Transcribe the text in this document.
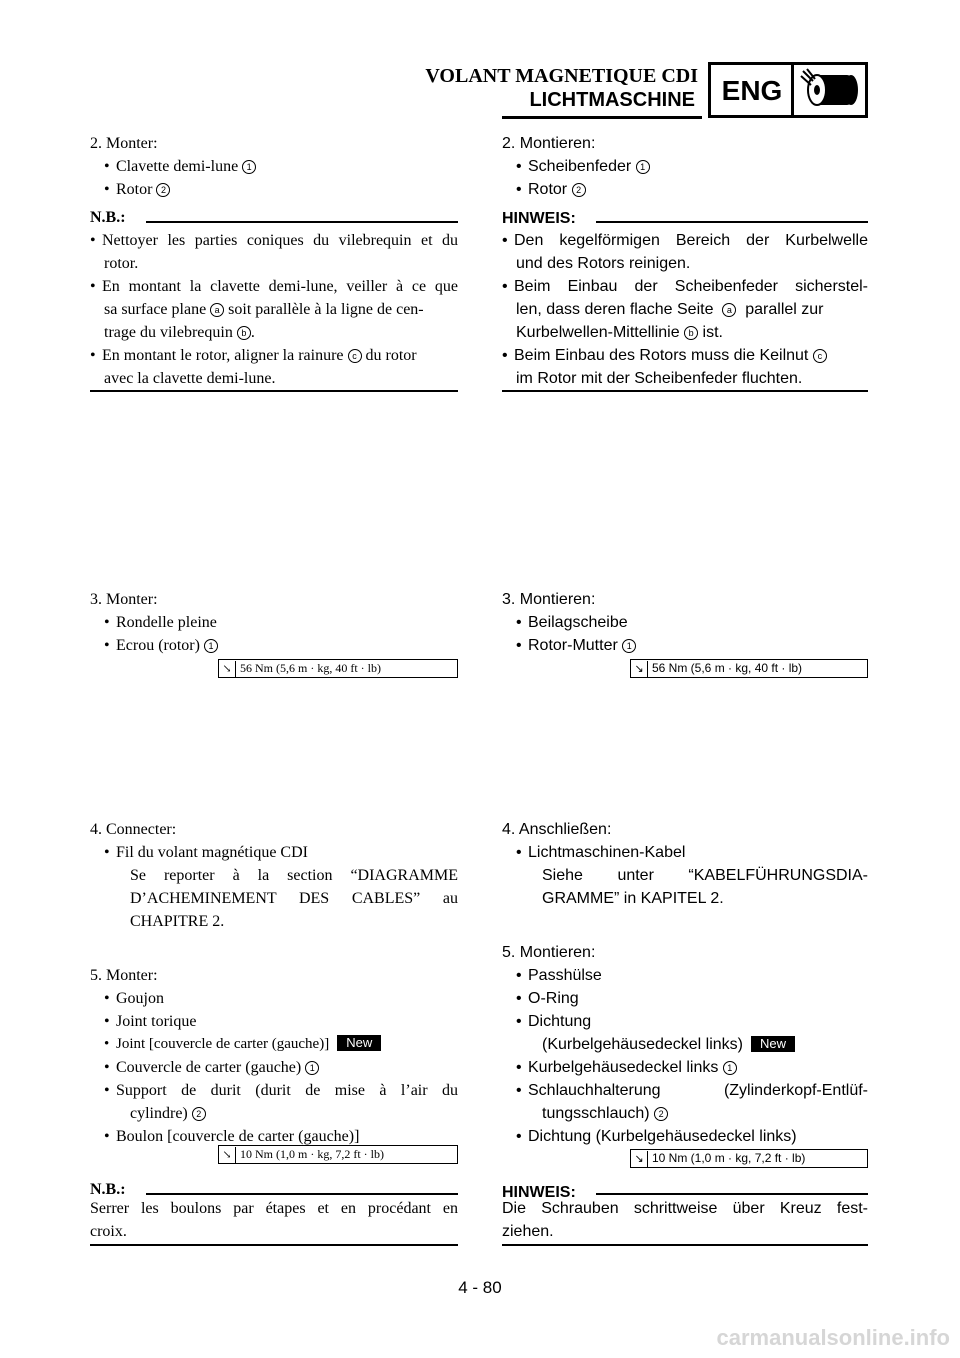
VOLANT MAGNETIQUE CDI
LICHTMASCHINE ENG
2. Monter:
• Clavette demi-lune 1
• Rotor 2
N.B.:
• Nettoyer les parties coniques du vilebrequin et du
rotor.
• En montant la clavette demi-lune, veiller à ce que
sa surface plane a soit parallèle à la ligne de cen-
trage du vilebrequin b .
• En montant le rotor, aligner la rainure c du rotor
avec la clavette demi-lune.
3. Monter:
• Rondelle pleine
• Ecrou (rotor) 1
↘ 56 Nm (5,6 m · kg, 40 ft · lb)
4. Connecter:
• Fil du volant magnétique CDI
Se reporter à la section “DIAGRAMME
D’ACHEMINEMENT DES CABLES” au
CHAPITRE 2.
5. Monter:
• Goujon
• Joint torique
• Joint [couvercle de carter (gauche)] New
• Couvercle de carter (gauche) 1
• Support de durit (durit de mise à l’air du
cylindre) 2
• Boulon [couvercle de carter (gauche)]
↘ 10 Nm (1,0 m · kg, 7,2 ft · lb)
N.B.:
Serrer les boulons par étapes et en procédant en
croix.
2. Montieren:
• Scheibenfeder 1
• Rotor 2
HINWEIS:
• Den kegelförmigen Bereich der Kurbelwelle
und des Rotors reinigen.
• Beim Einbau der Scheibenfeder sicherstel-
len, dass deren flache Seite a parallel zur
Kurbelwellen-Mittellinie b ist.
• Beim Einbau des Rotors muss die Keilnut c
im Rotor mit der Scheibenfeder fluchten.
3. Montieren:
• Beilagscheibe
• Rotor-Mutter 1
↘ 56 Nm (5,6 m · kg, 40 ft · lb)
4. Anschließen:
• Lichtmaschinen-Kabel
Siehe unter “KABELFÜHRUNGSDIA-
GRAMME” in KAPITEL 2.
5. Montieren:
• Passhülse
• O-Ring
• Dichtung
(Kurbelgehäusedeckel links) New
• Kurbelgehäusedeckel links 1
• Schlauchhalterung (Zylinderkopf-Entlüf-
tungsschlauch) 2
• Dichtung (Kurbelgehäusedeckel links)
↘ 10 Nm (1,0 m · kg, 7,2 ft · lb)
HINWEIS:
Die Schrauben schrittweise über Kreuz fest-
ziehen.
4 - 80
carmanualsonline.info
